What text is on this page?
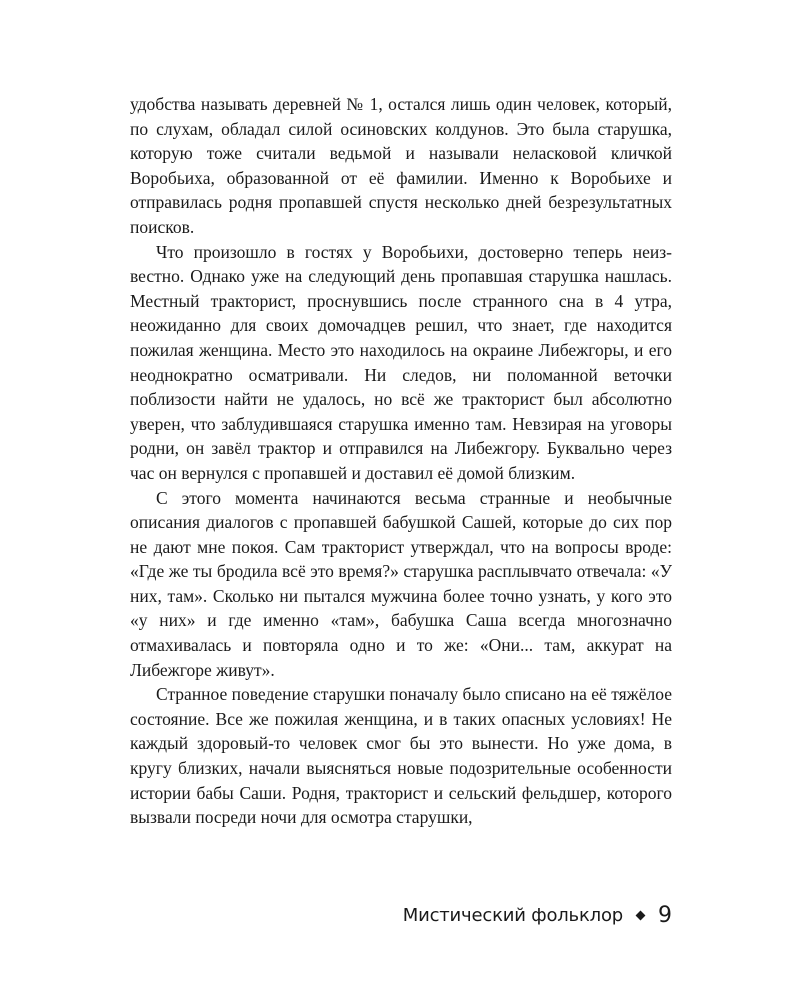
удобства называть деревней № 1, остался лишь один человек, который, по слухам, обладал силой осиновских колдунов. Это была старушка, которую тоже считали ведьмой и называли неласковой кличкой Воробьиха, образованной от её фамилии. Именно к Воробьихе и отправилась родня пропавшей спустя несколько дней безрезультатных поисков.

Что произошло в гостях у Воробьихи, достоверно теперь неизвестно. Однако уже на следующий день пропавшая старушка нашлась. Местный тракторист, проснувшись после странного сна в 4 утра, неожиданно для своих домочадцев решил, что знает, где находится пожилая женщина. Место это находилось на окраине Либежгоры, и его неоднократно осматривали. Ни следов, ни поломанной веточки поблизости найти не удалось, но всё же тракторист был абсолютно уверен, что заблудившаяся старушка именно там. Невзирая на уговоры родни, он завёл трактор и отправился на Либежгору. Буквально через час он вернулся с пропавшей и доставил её домой близким.

С этого момента начинаются весьма странные и необычные описания диалогов с пропавшей бабушкой Сашей, которые до сих пор не дают мне покоя. Сам тракторист утверждал, что на вопросы вроде: «Где же ты бродила всё это время?» старушка расплывчато отвечала: «У них, там». Сколько ни пытался мужчина более точно узнать, у кого это «у них» и где именно «там», бабушка Саша всегда многозначно отмахивалась и повторяла одно и то же: «Они... там, аккурат на Либежгоре живут».

Странное поведение старушки поначалу было списано на её тяжёлое состояние. Все же пожилая женщина, и в таких опасных условиях! Не каждый здоровый-то человек смог бы это вынести. Но уже дома, в кругу близких, начали выясняться новые подозрительные особенности истории бабы Саши. Родня, тракторист и сельский фельдшер, которого вызвали посреди ночи для осмотра старушки,

Мистический фольклор 9
